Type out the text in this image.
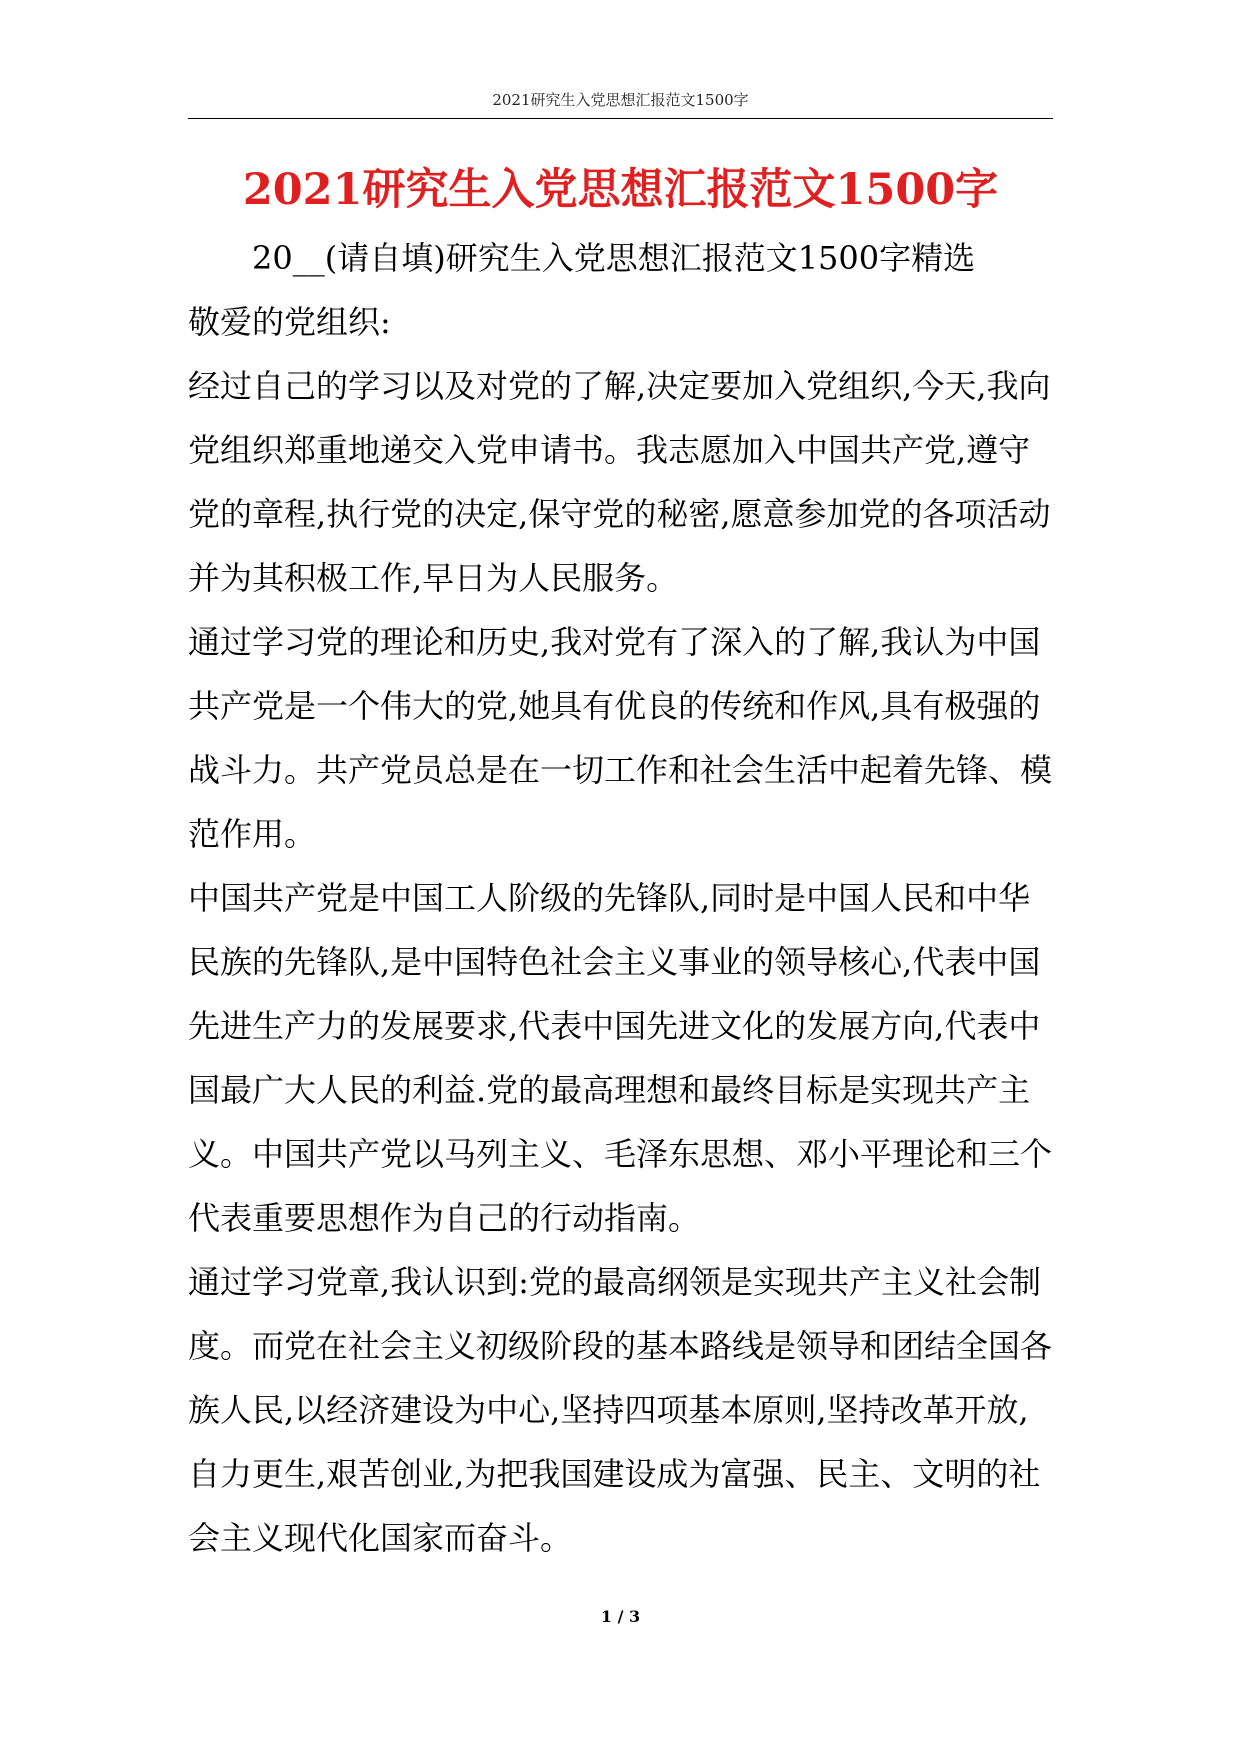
2021研究生入党思想汇报范文1500字
2021研究生入党思想汇报范文1500字

20__(请自填)研究生入党思想汇报范文1500字精选

敬爱的党组织:

经过自己的学习以及对党的了解,决定要加入党组织,今天,我向党组织郑重地递交入党申请书。我志愿加入中国共产党,遵守党的章程,执行党的决定,保守党的秘密,愿意参加党的各项活动并为其积极工作,早日为人民服务。

通过学习党的理论和历史,我对党有了深入的了解,我认为中国共产党是一个伟大的党,她具有优良的传统和作风,具有极强的战斗力。共产党员总是在一切工作和社会生活中起着先锋、模范作用。

中国共产党是中国工人阶级的先锋队,同时是中国人民和中华民族的先锋队,是中国特色社会主义事业的领导核心,代表中国先进生产力的发展要求,代表中国先进文化的发展方向,代表中国最广大人民的利益.党的最高理想和最终目标是实现共产主义。中国共产党以马列主义、毛泽东思想、邓小平理论和三个代表重要思想作为自己的行动指南。

通过学习党章,我认识到:党的最高纲领是实现共产主义社会制度。而党在社会主义初级阶段的基本路线是领导和团结全国各族人民,以经济建设为中心,坚持四项基本原则,坚持改革开放,自力更生,艰苦创业,为把我国建设成为富强、民主、文明的社会主义现代化国家而奋斗。

1 / 3
